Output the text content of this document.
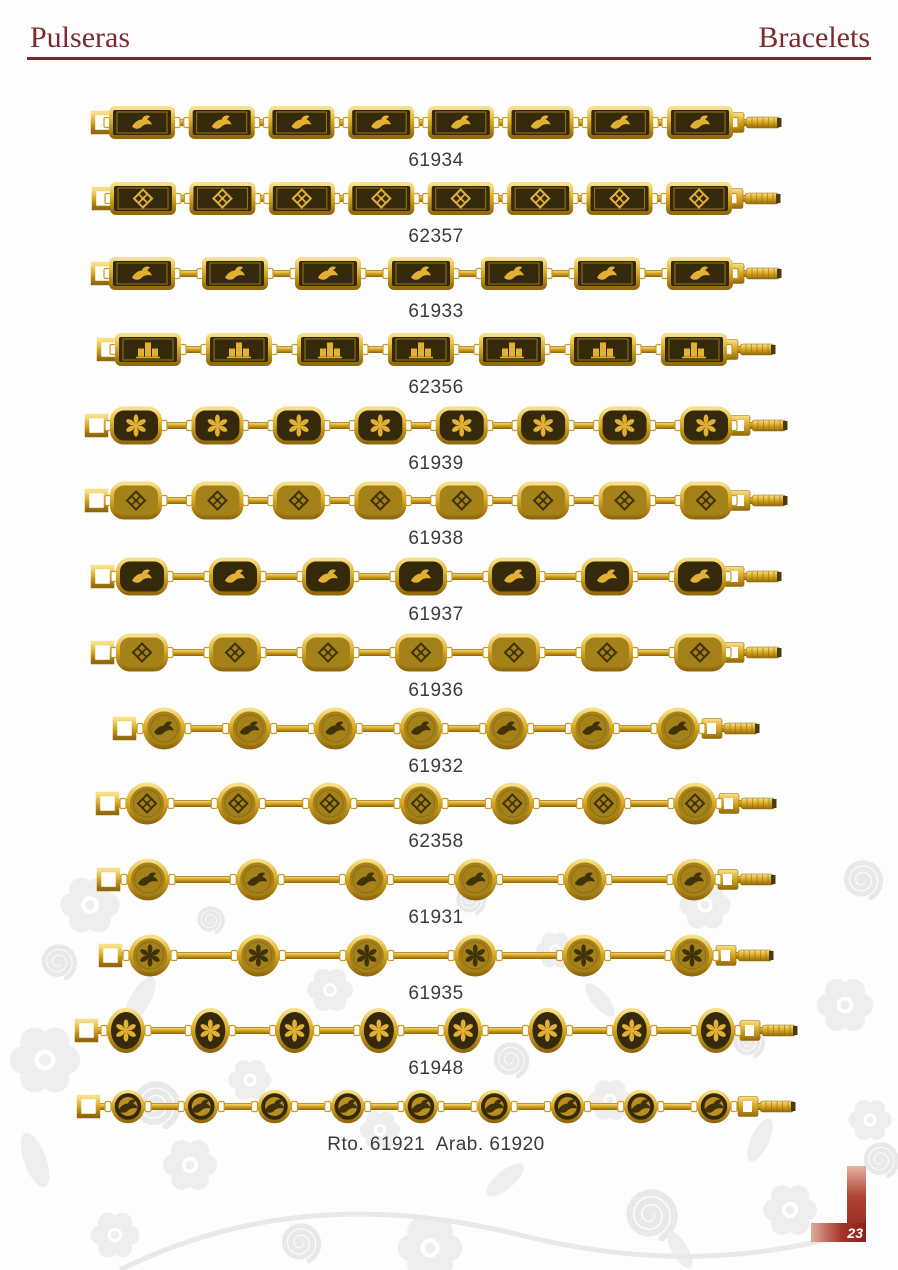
Pulseras	Bracelets
61934
62357
61933
62356
61939
61938
61937
61936
61932
62358
61931
61935
61948
Rto. 61921  Arab. 61920
23
